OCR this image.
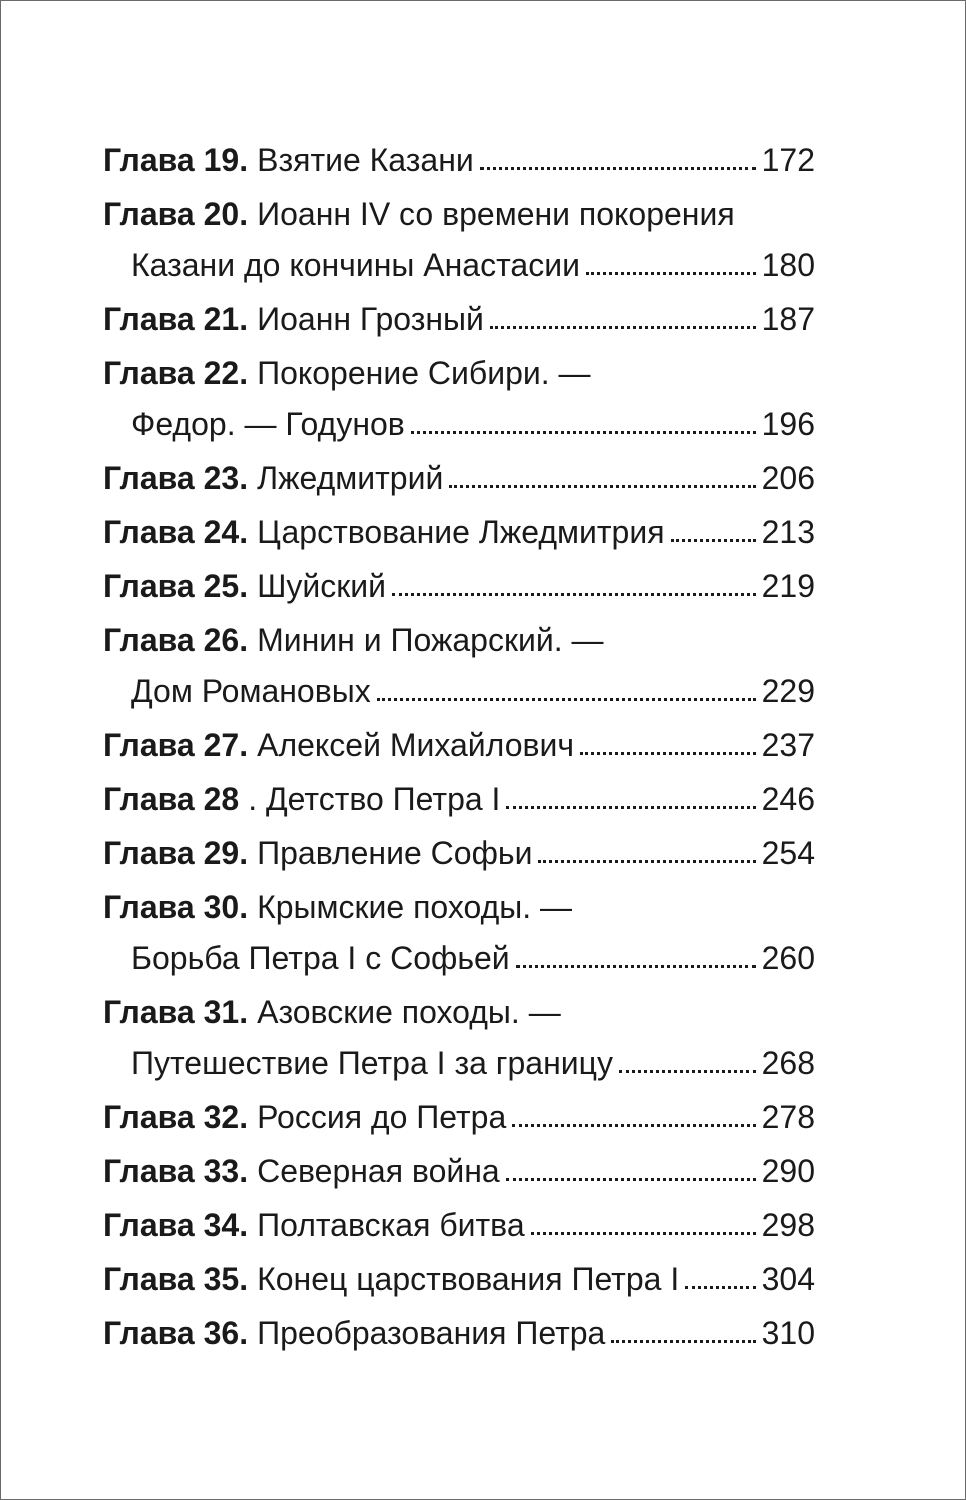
Глава 19. Взятие Казани	172
Глава 20. Иоанн IV со времени покорения
Казани до кончины Анастасии	180
Глава 21. Иоанн Грозный	187
Глава 22. Покорение Сибири. —
Федор. — Годунов	196
Глава 23. Лжедмитрий	206
Глава 24. Царствование Лжедмитрия	213
Глава 25. Шуйский	219
Глава 26. Минин и Пожарский. —
Дом Романовых	229
Глава 27. Алексей Михайлович	237
Глава 28 . Детство Петра I	246
Глава 29. Правление Софьи	254
Глава 30. Крымские походы. —
Борьба Петра I с Софьей	260
Глава 31. Азовские походы. —
Путешествие Петра I за границу	268
Глава 32. Россия до Петра	278
Глава 33. Северная война	290
Глава 34. Полтавская битва	298
Глава 35. Конец царствования Петра I	304
Глава 36. Преобразования Петра	310
